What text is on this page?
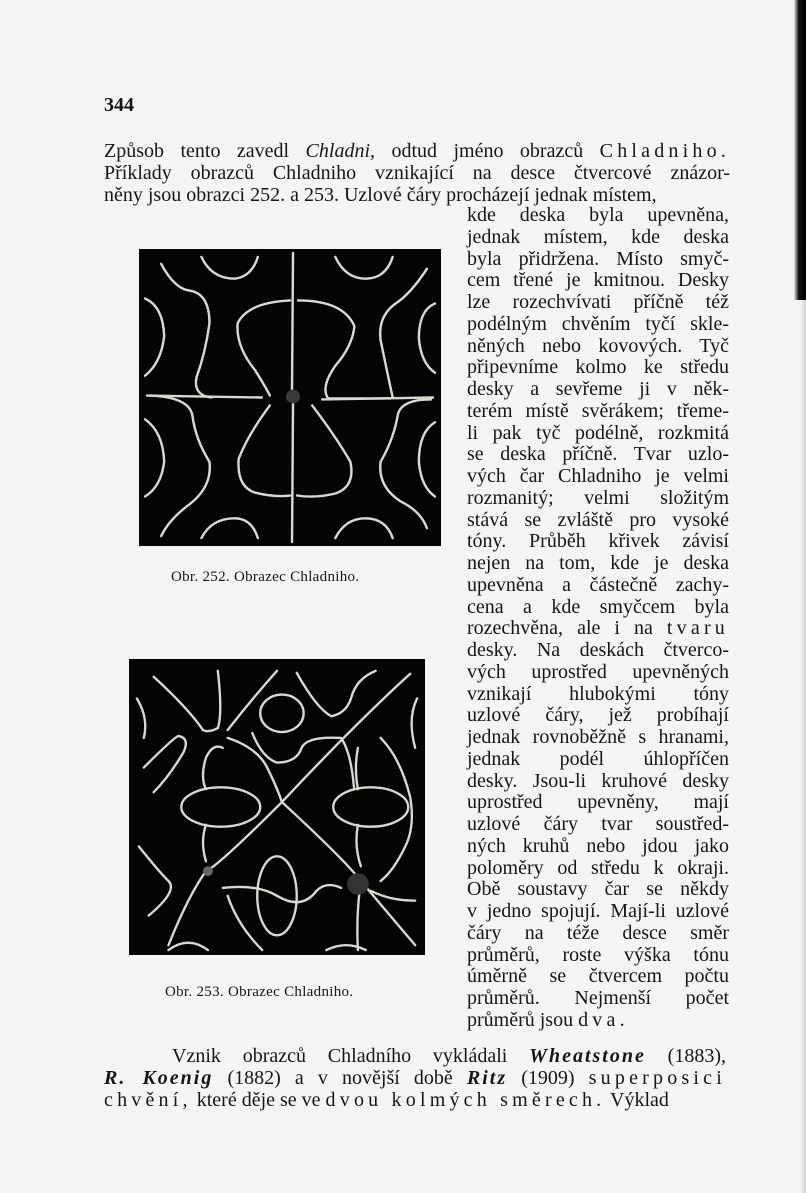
344
Způsob tento zavedl Chladni, odtud jméno obrazců Chladniho.
Příklady obrazců Chladniho vznikající na desce čtvercové znázor-
něny jsou obrazci 252. a 253. Uzlové čáry procházejí jednak místem,
kde deska byla upevněna,
jednak místem, kde deska
byla přidržena. Místo smyč-
cem třené je kmitnou. Desky
lze rozechvívati příčně též
podélným chvěním tyčí skle-
něných nebo kovových. Tyč
připevníme kolmo ke středu
desky a sevřeme ji v něk-
terém místě svěrákem; třeme-
li pak tyč podélně, rozkmitá
se deska příčně. Tvar uzlo-
vých čar Chladniho je velmi
rozmanitý; velmi složitým
stává se zvláště pro vysoké
tóny. Průběh křivek závisí
nejen na tom, kde je deska
upevněna a částečně zachy-
cena a kde smyčcem byla
rozechvěna, ale i na tvaru
desky. Na deskách čtverco-
vých uprostřed upevněných
vznikají hlubokými tóny
uzlové čáry, jež probíhají
jednak rovnoběžně s hranami,
jednak podél úhlopříčen
desky. Jsou-li kruhové desky
uprostřed upevněny, mají
uzlové čáry tvar soustřed-
ných kruhů nebo jdou jako
poloměry od středu k okraji.
Obě soustavy čar se někdy
v jedno spojují. Mají-li uzlové
čáry na téže desce směr
průměrů, roste výška tónu
úměrně se čtvercem počtu
průměrů. Nejmenší počet
průměrů jsou dva.
Vznik obrazců Chladního vykládali Wheatstone (1883),
R. Koenig (1882) a v novější době Ritz (1909) superposici
chvění, které děje se ve dvou kolmých směrech. Výklad
Obr. 252. Obrazec Chladniho.
Obr. 253. Obrazec Chladniho.
